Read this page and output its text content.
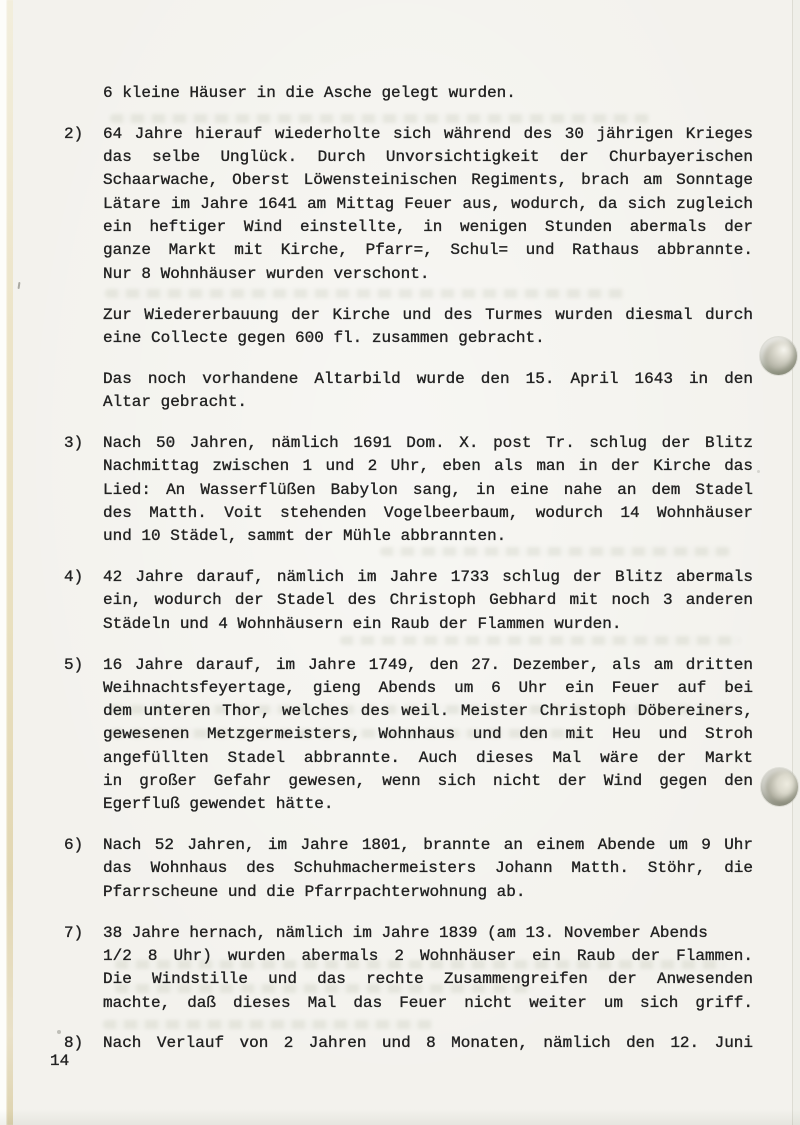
6 kleine Häuser in die Asche gelegt wurden.
2)	64 Jahre hierauf wiederholte sich während des 30 jährigen Krieges
das selbe Unglück. Durch Unvorsichtigkeit der Churbayerischen
Schaarwache, Oberst Löwensteinischen Regiments, brach am Sonntage
Lätare im Jahre 1641 am Mittag Feuer aus, wodurch, da sich zugleich
ein heftiger Wind einstellte, in wenigen Stunden abermals der
ganze Markt mit Kirche, Pfarr=, Schul= und Rathaus abbrannte.
Nur 8 Wohnhäuser wurden verschont.
Zur Wiedererbauung der Kirche und des Turmes wurden diesmal durch
eine Collecte gegen 600 fl. zusammen gebracht.
Das noch vorhandene Altarbild wurde den 15. April 1643 in den
Altar gebracht.
3)	Nach 50 Jahren, nämlich 1691 Dom. X. post Tr. schlug der Blitz
Nachmittag zwischen 1 und 2 Uhr, eben als man in der Kirche das
Lied: An Wasserflüßen Babylon sang, in eine nahe an dem Stadel
des Matth. Voit stehenden Vogelbeerbaum, wodurch 14 Wohnhäuser
und 10 Städel, sammt der Mühle abbrannten.
4)	42 Jahre darauf, nämlich im Jahre 1733 schlug der Blitz abermals
ein, wodurch der Stadel des Christoph Gebhard mit noch 3 anderen
Städeln und 4 Wohnhäusern ein Raub der Flammen wurden.
5)	16 Jahre darauf, im Jahre 1749, den 27. Dezember, als am dritten
Weihnachtsfeyertage, gieng Abends um 6 Uhr ein Feuer auf bei
dem unteren Thor, welches des weil. Meister Christoph Döbereiners,
gewesenen Metzgermeisters, Wohnhaus und den mit Heu und Stroh
angefüllten Stadel abbrannte. Auch dieses Mal wäre der Markt
in großer Gefahr gewesen, wenn sich nicht der Wind gegen den
Egerfluß gewendet hätte.
6)	Nach 52 Jahren, im Jahre 1801, brannte an einem Abende um 9 Uhr
das Wohnhaus des Schuhmachermeisters Johann Matth. Stöhr, die
Pfarrscheune und die Pfarrpachterwohnung ab.
7)	38 Jahre hernach, nämlich im Jahre 1839 (am 13. November Abends
1/2 8 Uhr) wurden abermals 2 Wohnhäuser ein Raub der Flammen.
Die Windstille und das rechte Zusammengreifen der Anwesenden
machte, daß dieses Mal das Feuer nicht weiter um sich griff.
8)	Nach Verlauf von 2 Jahren und 8 Monaten, nämlich den 12. Juni
14
